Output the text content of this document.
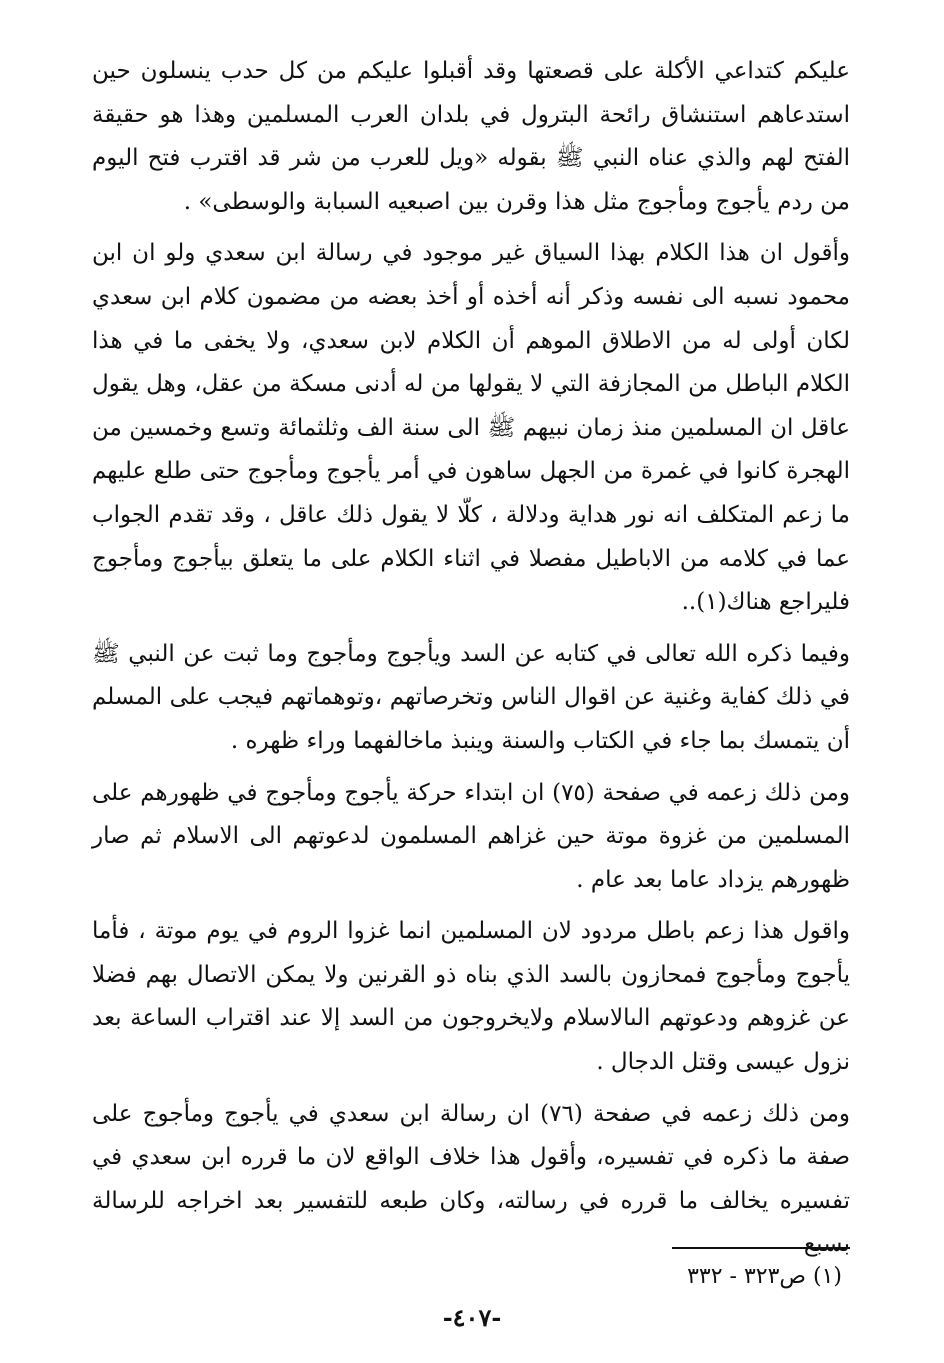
عليكم كتداعي الأكلة على قصعتها وقد أقبلوا عليكم من كل حدب ينسلون حين استدعاهم استنشاق رائحة البترول في بلدان العرب المسلمين وهذا هو حقيقة الفتح لهم والذي عناه النبي ﷺ بقوله «ويل للعرب من شر قد اقترب فتح اليوم من ردم يأجوج ومأجوج مثل هذا وقرن بين اصبعيه السبابة والوسطى» .

وأقول ان هذا الكلام بهذا السياق غير موجود في رسالة ابن سعدي ولو ان ابن محمود نسبه الى نفسه وذكر أنه أخذه أو أخذ بعضه من مضمون كلام ابن سعدي لكان أولى له من الاطلاق الموهم أن الكلام لابن سعدي، ولا يخفى ما في هذا الكلام الباطل من المجازفة التي لا يقولها من له أدنى مسكة من عقل، وهل يقول عاقل ان المسلمين منذ زمان نبيهم ﷺ الى سنة الف وثلثمائة وتسع وخمسين من الهجرة كانوا في غمرة من الجهل ساهون في أمر يأجوج ومأجوج حتى طلع عليهم ما زعم المتكلف انه نور هداية ودلالة ، كلّا لا يقول ذلك عاقل ، وقد تقدم الجواب عما في كلامه من الاباطيل مفصلا في اثناء الكلام على ما يتعلق بيأجوج ومأجوج فليراجع هناك(١)..

وفيما ذكره الله تعالى في كتابه عن السد ويأجوج ومأجوج وما ثبت عن النبي ﷺ في ذلك كفاية وغنية عن اقوال الناس وتخرصاتهم ،وتوهماتهم فيجب على المسلم أن يتمسك بما جاء في الكتاب والسنة وينبذ ماخالفهما وراء ظهره .

ومن ذلك زعمه في صفحة (٧٥) ان ابتداء حركة يأجوج ومأجوج في ظهورهم على المسلمين من غزوة موتة حين غزاهم المسلمون لدعوتهم الى الاسلام ثم صار ظهورهم يزداد عاما بعد عام .

واقول هذا زعم باطل مردود لان المسلمين انما غزوا الروم في يوم موتة ، فأما يأجوج ومأجوج فمحازون بالسد الذي بناه ذو القرنين ولا يمكن الاتصال بهم فضلا عن غزوهم ودعوتهم الىالاسلام ولايخروجون من السد إلا عند اقتراب الساعة بعد نزول عيسى وقتل الدجال .

ومن ذلك زعمه في صفحة (٧٦) ان رسالة ابن سعدي في يأجوج ومأجوج على صفة ما ذكره في تفسيره، وأقول هذا خلاف الواقع لان ما قرره ابن سعدي في تفسيره يخالف ما قرره في رسالته، وكان طبعه للتفسير بعد اخراجه للرسالة بسبع

(١) ص٣٢٣ - ٣٣٢
-٤٠٧-
